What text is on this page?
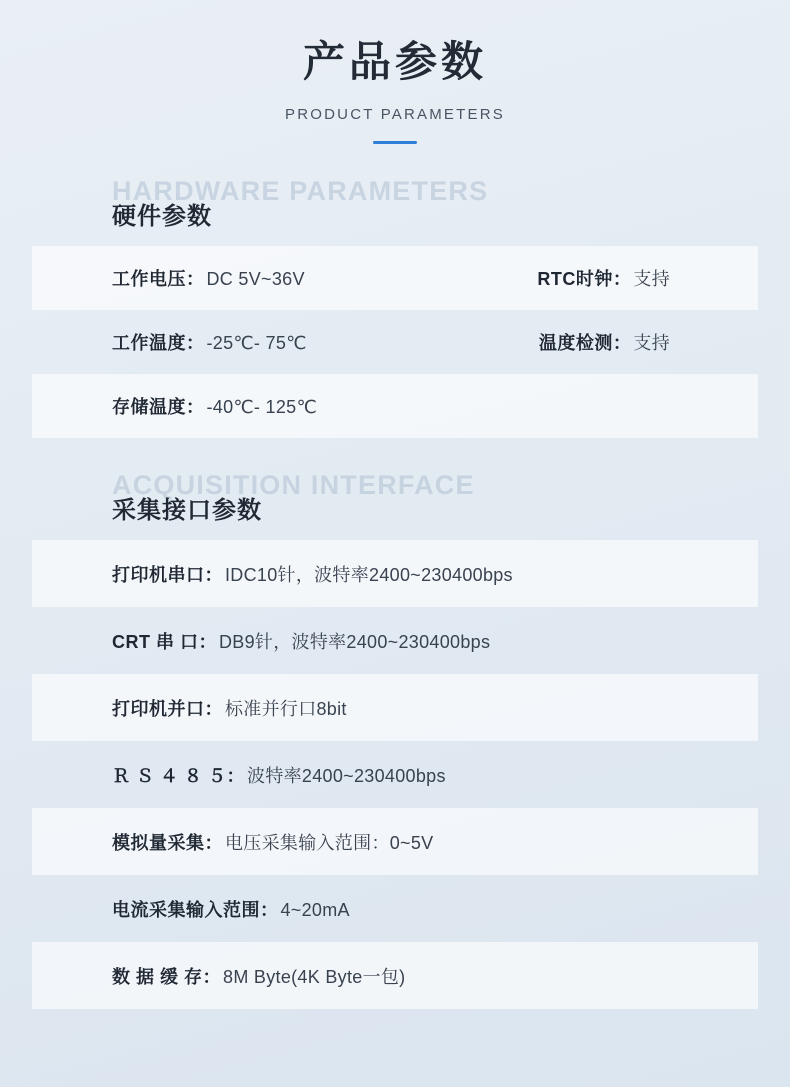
产品参数
PRODUCT PARAMETERS
HARDWARE PARAMETERS
硬件参数
工作电压： DC 5V~36V	RTC时钟： 支持
工作温度： -25℃- 75℃	温度检测： 支持
存储温度： -40℃- 125℃
ACQUISITION INTERFACE
采集接口参数
打印机串口： IDC10针，波特率2400~230400bps
CRT 串 口： DB9针，波特率2400~230400bps
打印机并口： 标准并行口8bit
Ｒ Ｓ ４ ８ ５： 波特率2400~230400bps
模拟量采集： 电压采集输入范围：0~5V
电流采集输入范围： 4~20mA
数 据 缓 存： 8M Byte(4K Byte一包)
